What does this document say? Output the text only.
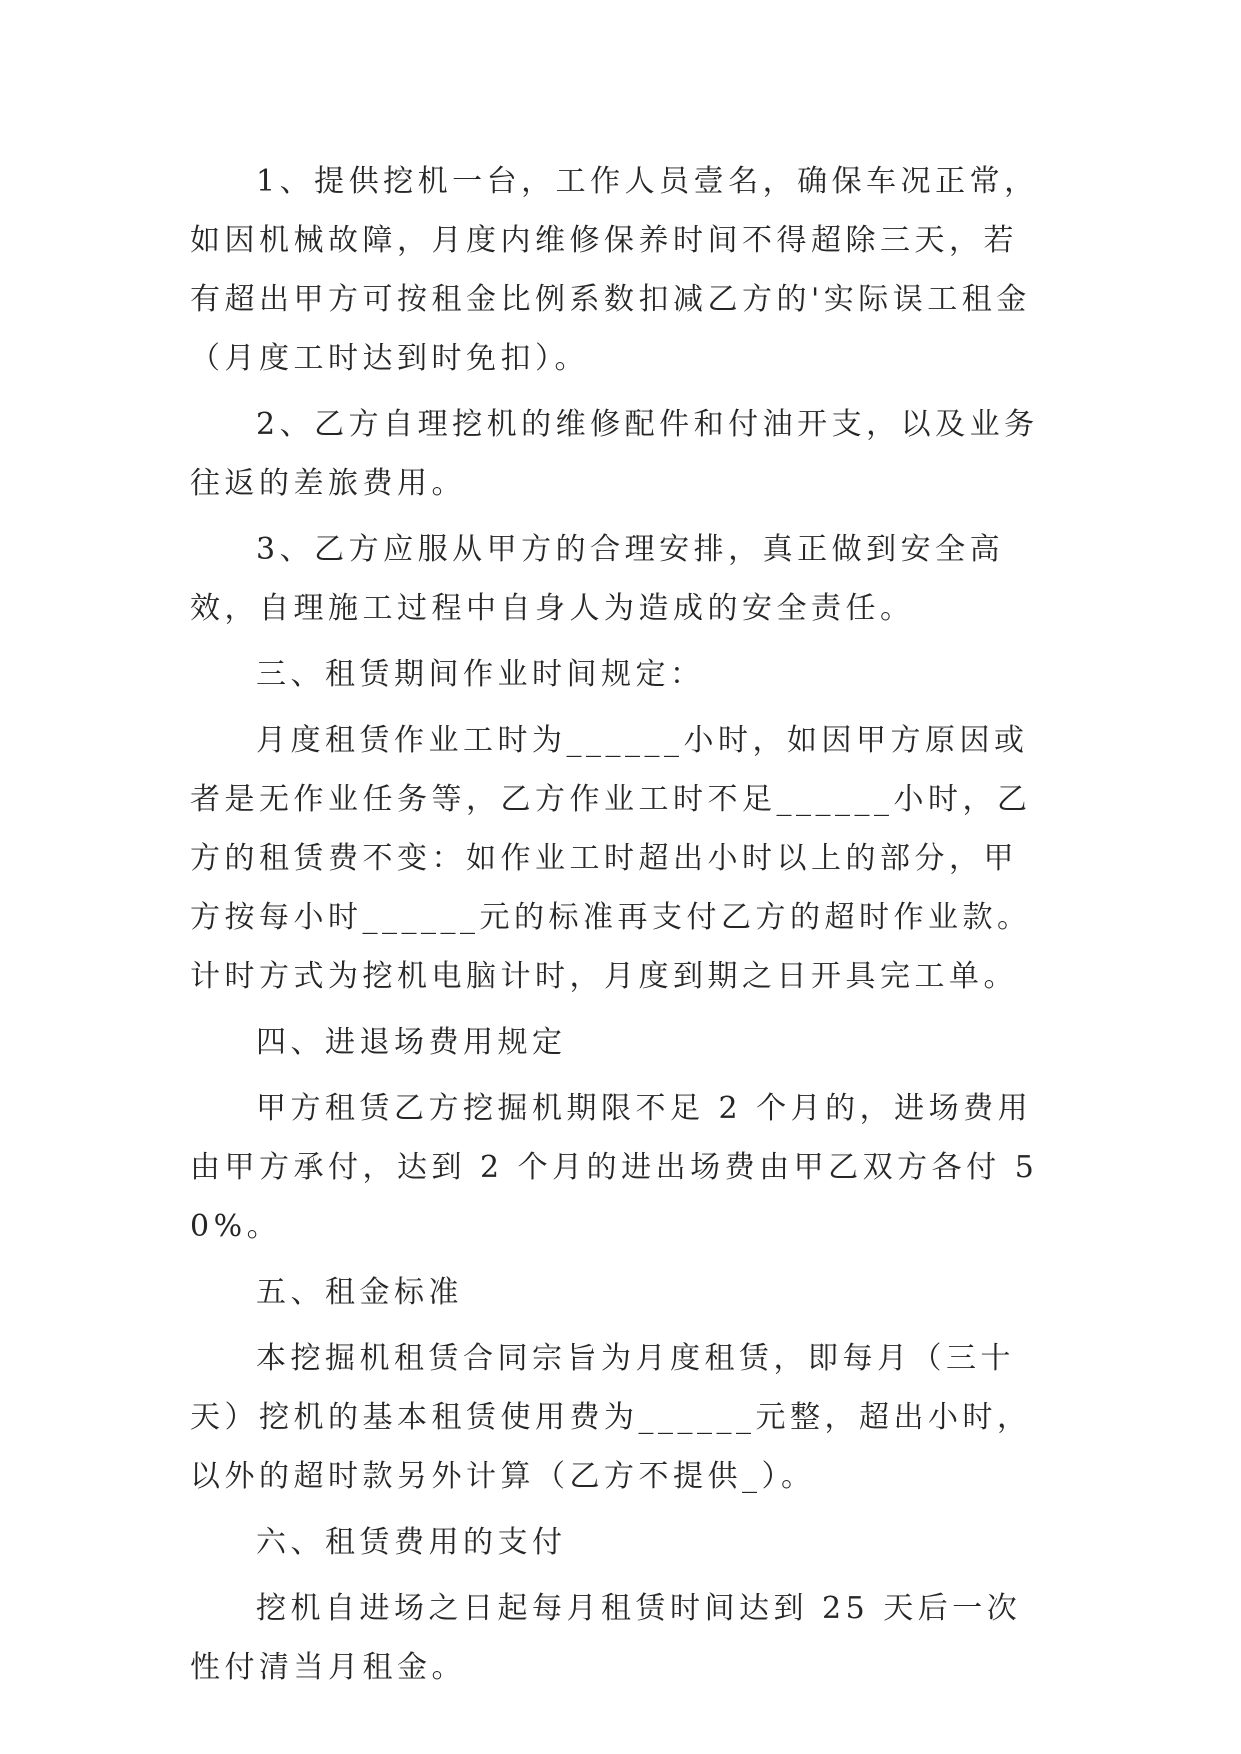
1、提供挖机一台，工作人员壹名，确保车况正常，如因机械故障，月度内维修保养时间不得超除三天，若有超出甲方可按租金比例系数扣减乙方的'实际误工租金（月度工时达到时免扣）。

2、乙方自理挖机的维修配件和付油开支，以及业务往返的差旅费用。

3、乙方应服从甲方的合理安排，真正做到安全高效，自理施工过程中自身人为造成的安全责任。

三、租赁期间作业时间规定：

月度租赁作业工时为______小时，如因甲方原因或者是无作业任务等，乙方作业工时不足______小时，乙方的租赁费不变：如作业工时超出小时以上的部分，甲方按每小时______元的标准再支付乙方的超时作业款。计时方式为挖机电脑计时，月度到期之日开具完工单。

四、进退场费用规定

甲方租赁乙方挖掘机期限不足 2 个月的，进场费用由甲方承付，达到 2 个月的进出场费由甲乙双方各付 50%。

五、租金标准

本挖掘机租赁合同宗旨为月度租赁，即每月（三十天）挖机的基本租赁使用费为______元整，超出小时，以外的超时款另外计算（乙方不提供_）。

六、租赁费用的支付

挖机自进场之日起每月租赁时间达到 25 天后一次性付清当月租金。
